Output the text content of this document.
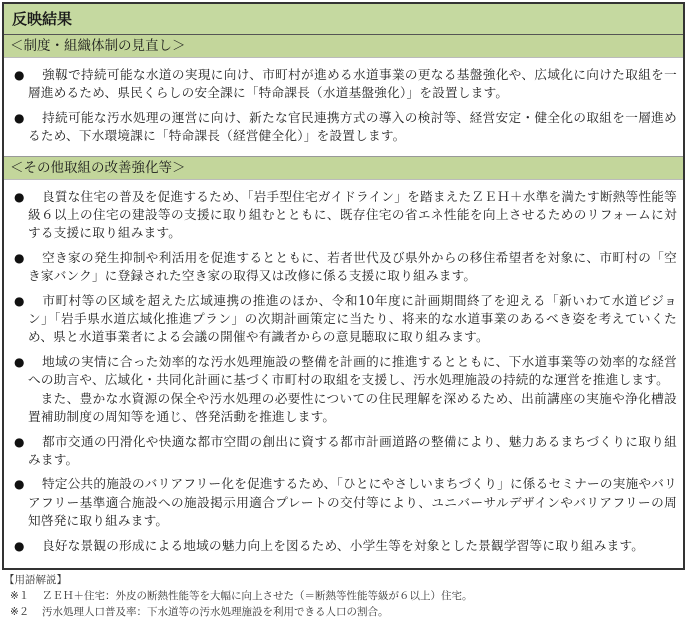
反映結果
＜制度・組織体制の見直し＞
● 強靱で持続可能な水道の実現に向け、市町村が進める水道事業の更なる基盤強化や、広域化に向けた取組を一層進めるため、県民くらしの安全課に「特命課長（水道基盤強化）」を設置します。
● 持続可能な汚水処理の運営に向け、新たな官民連携方式の導入の検討等、経営安定・健全化の取組を一層進めるため、下水環境課に「特命課長（経営健全化）」を設置します。
＜その他取組の改善強化等＞
● 良質な住宅の普及を促進するため、「岩手型住宅ガイドライン」を踏まえたＺＥＨ＋水準を満たす断熱等性能等級６以上の住宅の建設等の支援に取り組むとともに、既存住宅の省エネ性能を向上させるためのリフォームに対する支援に取り組みます。
● 空き家の発生抑制や利活用を促進するとともに、若者世代及び県外からの移住希望者を対象に、市町村の「空き家バンク」に登録された空き家の取得又は改修に係る支援に取り組みます。
● 市町村等の区域を超えた広域連携の推進のほか、令和10年度に計画期間終了を迎える「新いわて水道ビジョン」「岩手県水道広域化推進プラン」の次期計画策定に当たり、将来的な水道事業のあるべき姿を考えていくため、県と水道事業者による会議の開催や有識者からの意見聴取に取り組みます。
● 地域の実情に合った効率的な汚水処理施設の整備を計画的に推進するとともに、下水道事業等の効率的な経営への助言や、広域化・共同化計画に基づく市町村の取組を支援し、汚水処理施設の持続的な運営を推進します。
また、豊かな水資源の保全や汚水処理の必要性についての住民理解を深めるため、出前講座の実施や浄化槽設置補助制度の周知等を通じ、啓発活動を推進します。
● 都市交通の円滑化や快適な都市空間の創出に資する都市計画道路の整備により、魅力あるまちづくりに取り組みます。
● 特定公共的施設のバリアフリー化を促進するため、「ひとにやさしいまちづくり」に係るセミナーの実施やバリアフリー基準適合施設への施設掲示用適合プレートの交付等により、ユニバーサルデザインやバリアフリーの周知啓発に取り組みます。
● 良好な景観の形成による地域の魅力向上を図るため、小学生等を対象とした景観学習等に取り組みます。
【用語解説】
※１ ＺＥＨ＋住宅：外皮の断熱性能等を大幅に向上させた（＝断熱等性能等級が６以上）住宅。
※２ 汚水処理人口普及率：下水道等の汚水処理施設を利用できる人口の割合。
